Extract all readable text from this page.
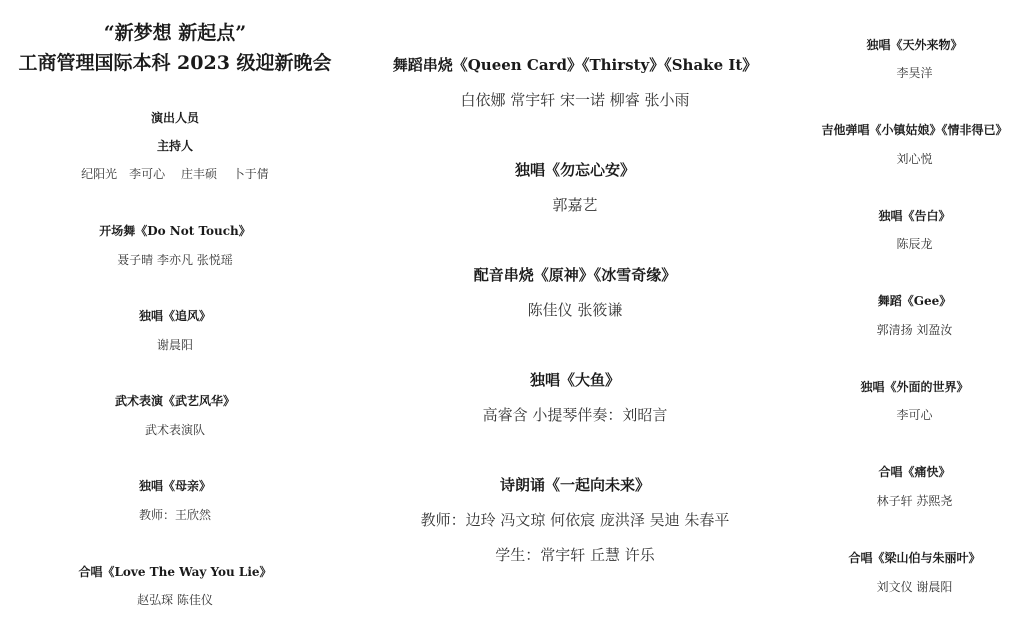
“新梦想 新起点”
工商管理国际本科 2023 级迎新晚会
演出人员
主持人
纪阳光　李可心　 庄丰硕　 卜于倩
开场舞《Do Not Touch》
聂子晴 李亦凡 张悦瑶
独唱《追风》
谢晨阳
武术表演《武艺风华》
武术表演队
独唱《母亲》
教师：王欣然
合唱《Love The Way You Lie》
赵弘琛 陈佳仪
舞蹈串烧《Queen Card》《Thirsty》《Shake It》
白依娜 常宇轩 宋一诺 柳睿 张小雨
独唱《勿忘心安》
郭嘉艺
配音串烧《原神》《冰雪奇缘》
陈佳仪 张筱谦
独唱《大鱼》
高睿含 小提琴伴奏：刘昭言
诗朗诵《一起向未来》
教师：边玲 冯文琼 何依宸 庞洪泽 吴迪 朱春平
学生：常宇轩 丘慧 许乐
独唱《天外来物》
李昊洋
吉他弹唱《小镇姑娘》《情非得已》
刘心悦
独唱《告白》
陈辰龙
舞蹈《Gee》
郭清扬 刘盈汝
独唱《外面的世界》
李可心
合唱《痛快》
林子轩 苏熙尧
合唱《梁山伯与朱丽叶》
刘文仪 谢晨阳
